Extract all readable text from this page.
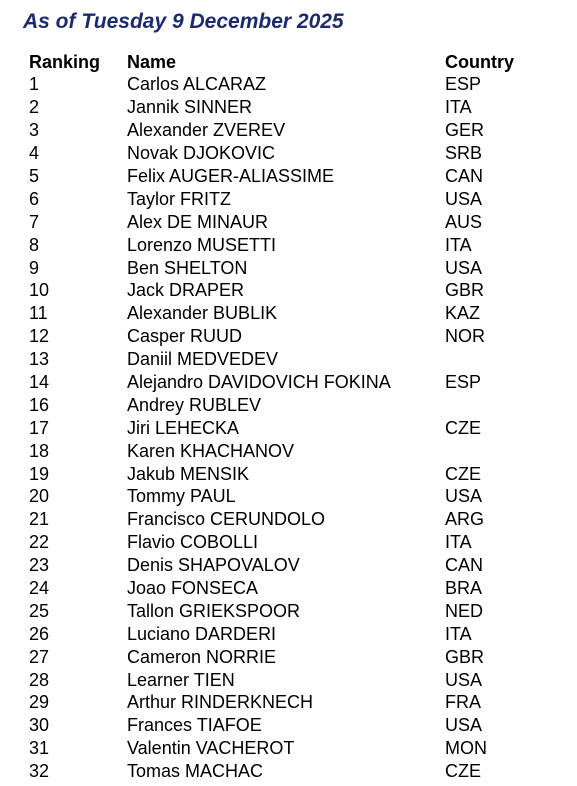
As of Tuesday 9 December 2025
Ranking	Name	Country
1	Carlos ALCARAZ	ESP
2	Jannik SINNER	ITA
3	Alexander ZVEREV	GER
4	Novak DJOKOVIC	SRB
5	Felix AUGER-ALIASSIME	CAN
6	Taylor FRITZ	USA
7	Alex DE MINAUR	AUS
8	Lorenzo MUSETTI	ITA
9	Ben SHELTON	USA
10	Jack DRAPER	GBR
11	Alexander BUBLIK	KAZ
12	Casper RUUD	NOR
13	Daniil MEDVEDEV	
14	Alejandro DAVIDOVICH FOKINA	ESP
16	Andrey RUBLEV	
17	Jiri LEHECKA	CZE
18	Karen KHACHANOV	
19	Jakub MENSIK	CZE
20	Tommy PAUL	USA
21	Francisco CERUNDOLO	ARG
22	Flavio COBOLLI	ITA
23	Denis SHAPOVALOV	CAN
24	Joao FONSECA	BRA
25	Tallon GRIEKSPOOR	NED
26	Luciano DARDERI	ITA
27	Cameron NORRIE	GBR
28	Learner TIEN	USA
29	Arthur RINDERKNECH	FRA
30	Frances TIAFOE	USA
31	Valentin VACHEROT	MON
32	Tomas MACHAC	CZE
